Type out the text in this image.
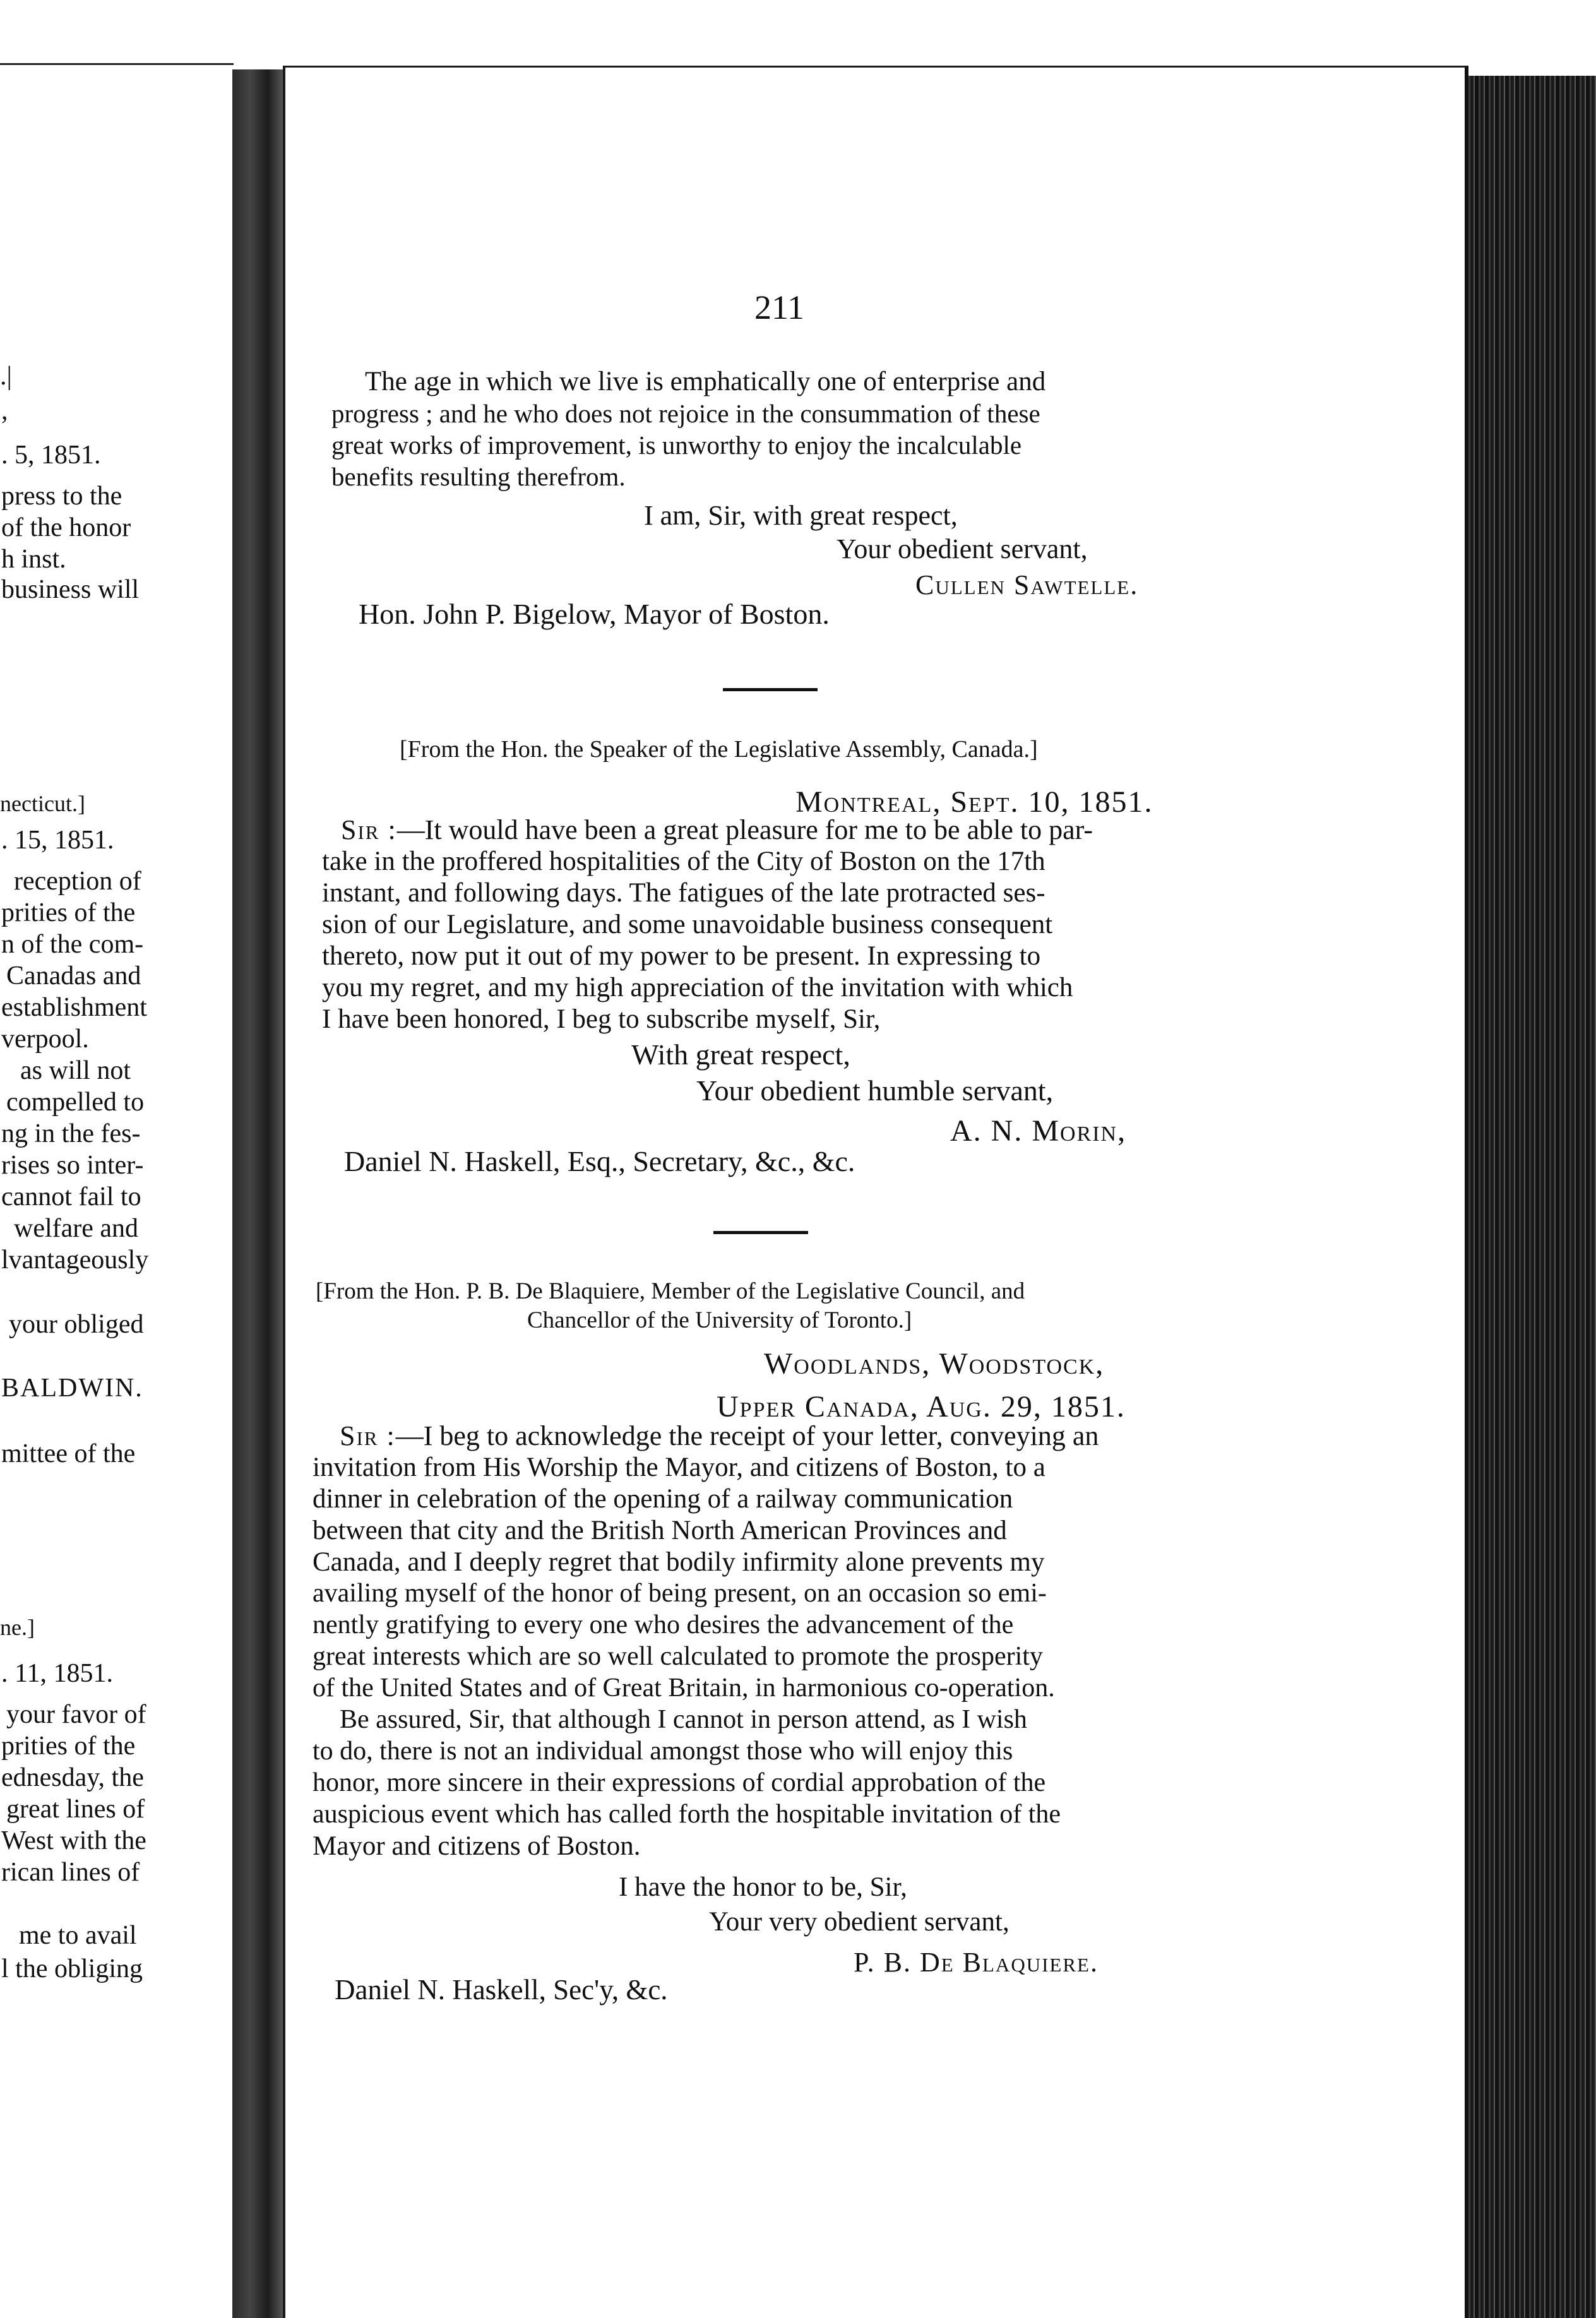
.|
,
. 5, 1851.
press to the
of the honor
h inst.
business will
necticut.]
. 15, 1851.
reception of
prities of the
n of the com-
Canadas and
establishment
verpool.
as will not
compelled to
ng in the fes-
rises so inter-
cannot fail to
welfare and
lvantageously
your obliged
BALDWIN.
mittee of the
ne.]
. 11, 1851.
your favor of
prities of the
ednesday, the
great lines of
West with the
rican lines of
me to avail
l the obliging
211
The age in which we live is emphatically one of enterprise and
progress ; and he who does not rejoice in the consummation of these
great works of improvement, is unworthy to enjoy the incalculable
benefits resulting therefrom.
I am, Sir, with great respect,
Your obedient servant,
Cullen Sawtelle.
Hon. John P. Bigelow, Mayor of Boston.
[From the Hon. the Speaker of the Legislative Assembly, Canada.]
Montreal, Sept. 10, 1851.
Sir :—It would have been a great pleasure for me to be able to par-
take in the proffered hospitalities of the City of Boston on the 17th
instant, and following days. The fatigues of the late protracted ses-
sion of our Legislature, and some unavoidable business consequent
thereto, now put it out of my power to be present. In expressing to
you my regret, and my high appreciation of the invitation with which
I have been honored, I beg to subscribe myself, Sir,
With great respect,
Your obedient humble servant,
A. N. Morin,
Daniel N. Haskell, Esq., Secretary, &c., &c.
[From the Hon. P. B. De Blaquiere, Member of the Legislative Council, and
Chancellor of the University of Toronto.]
Woodlands, Woodstock,
Upper Canada, Aug. 29, 1851.
Sir :—I beg to acknowledge the receipt of your letter, conveying an
invitation from His Worship the Mayor, and citizens of Boston, to a
dinner in celebration of the opening of a railway communication
between that city and the British North American Provinces and
Canada, and I deeply regret that bodily infirmity alone prevents my
availing myself of the honor of being present, on an occasion so emi-
nently gratifying to every one who desires the advancement of the
great interests which are so well calculated to promote the prosperity
of the United States and of Great Britain, in harmonious co-operation.
Be assured, Sir, that although I cannot in person attend, as I wish
to do, there is not an individual amongst those who will enjoy this
honor, more sincere in their expressions of cordial approbation of the
auspicious event which has called forth the hospitable invitation of the
Mayor and citizens of Boston.
I have the honor to be, Sir,
Your very obedient servant,
P. B. De Blaquiere.
Daniel N. Haskell, Sec'y, &c.
